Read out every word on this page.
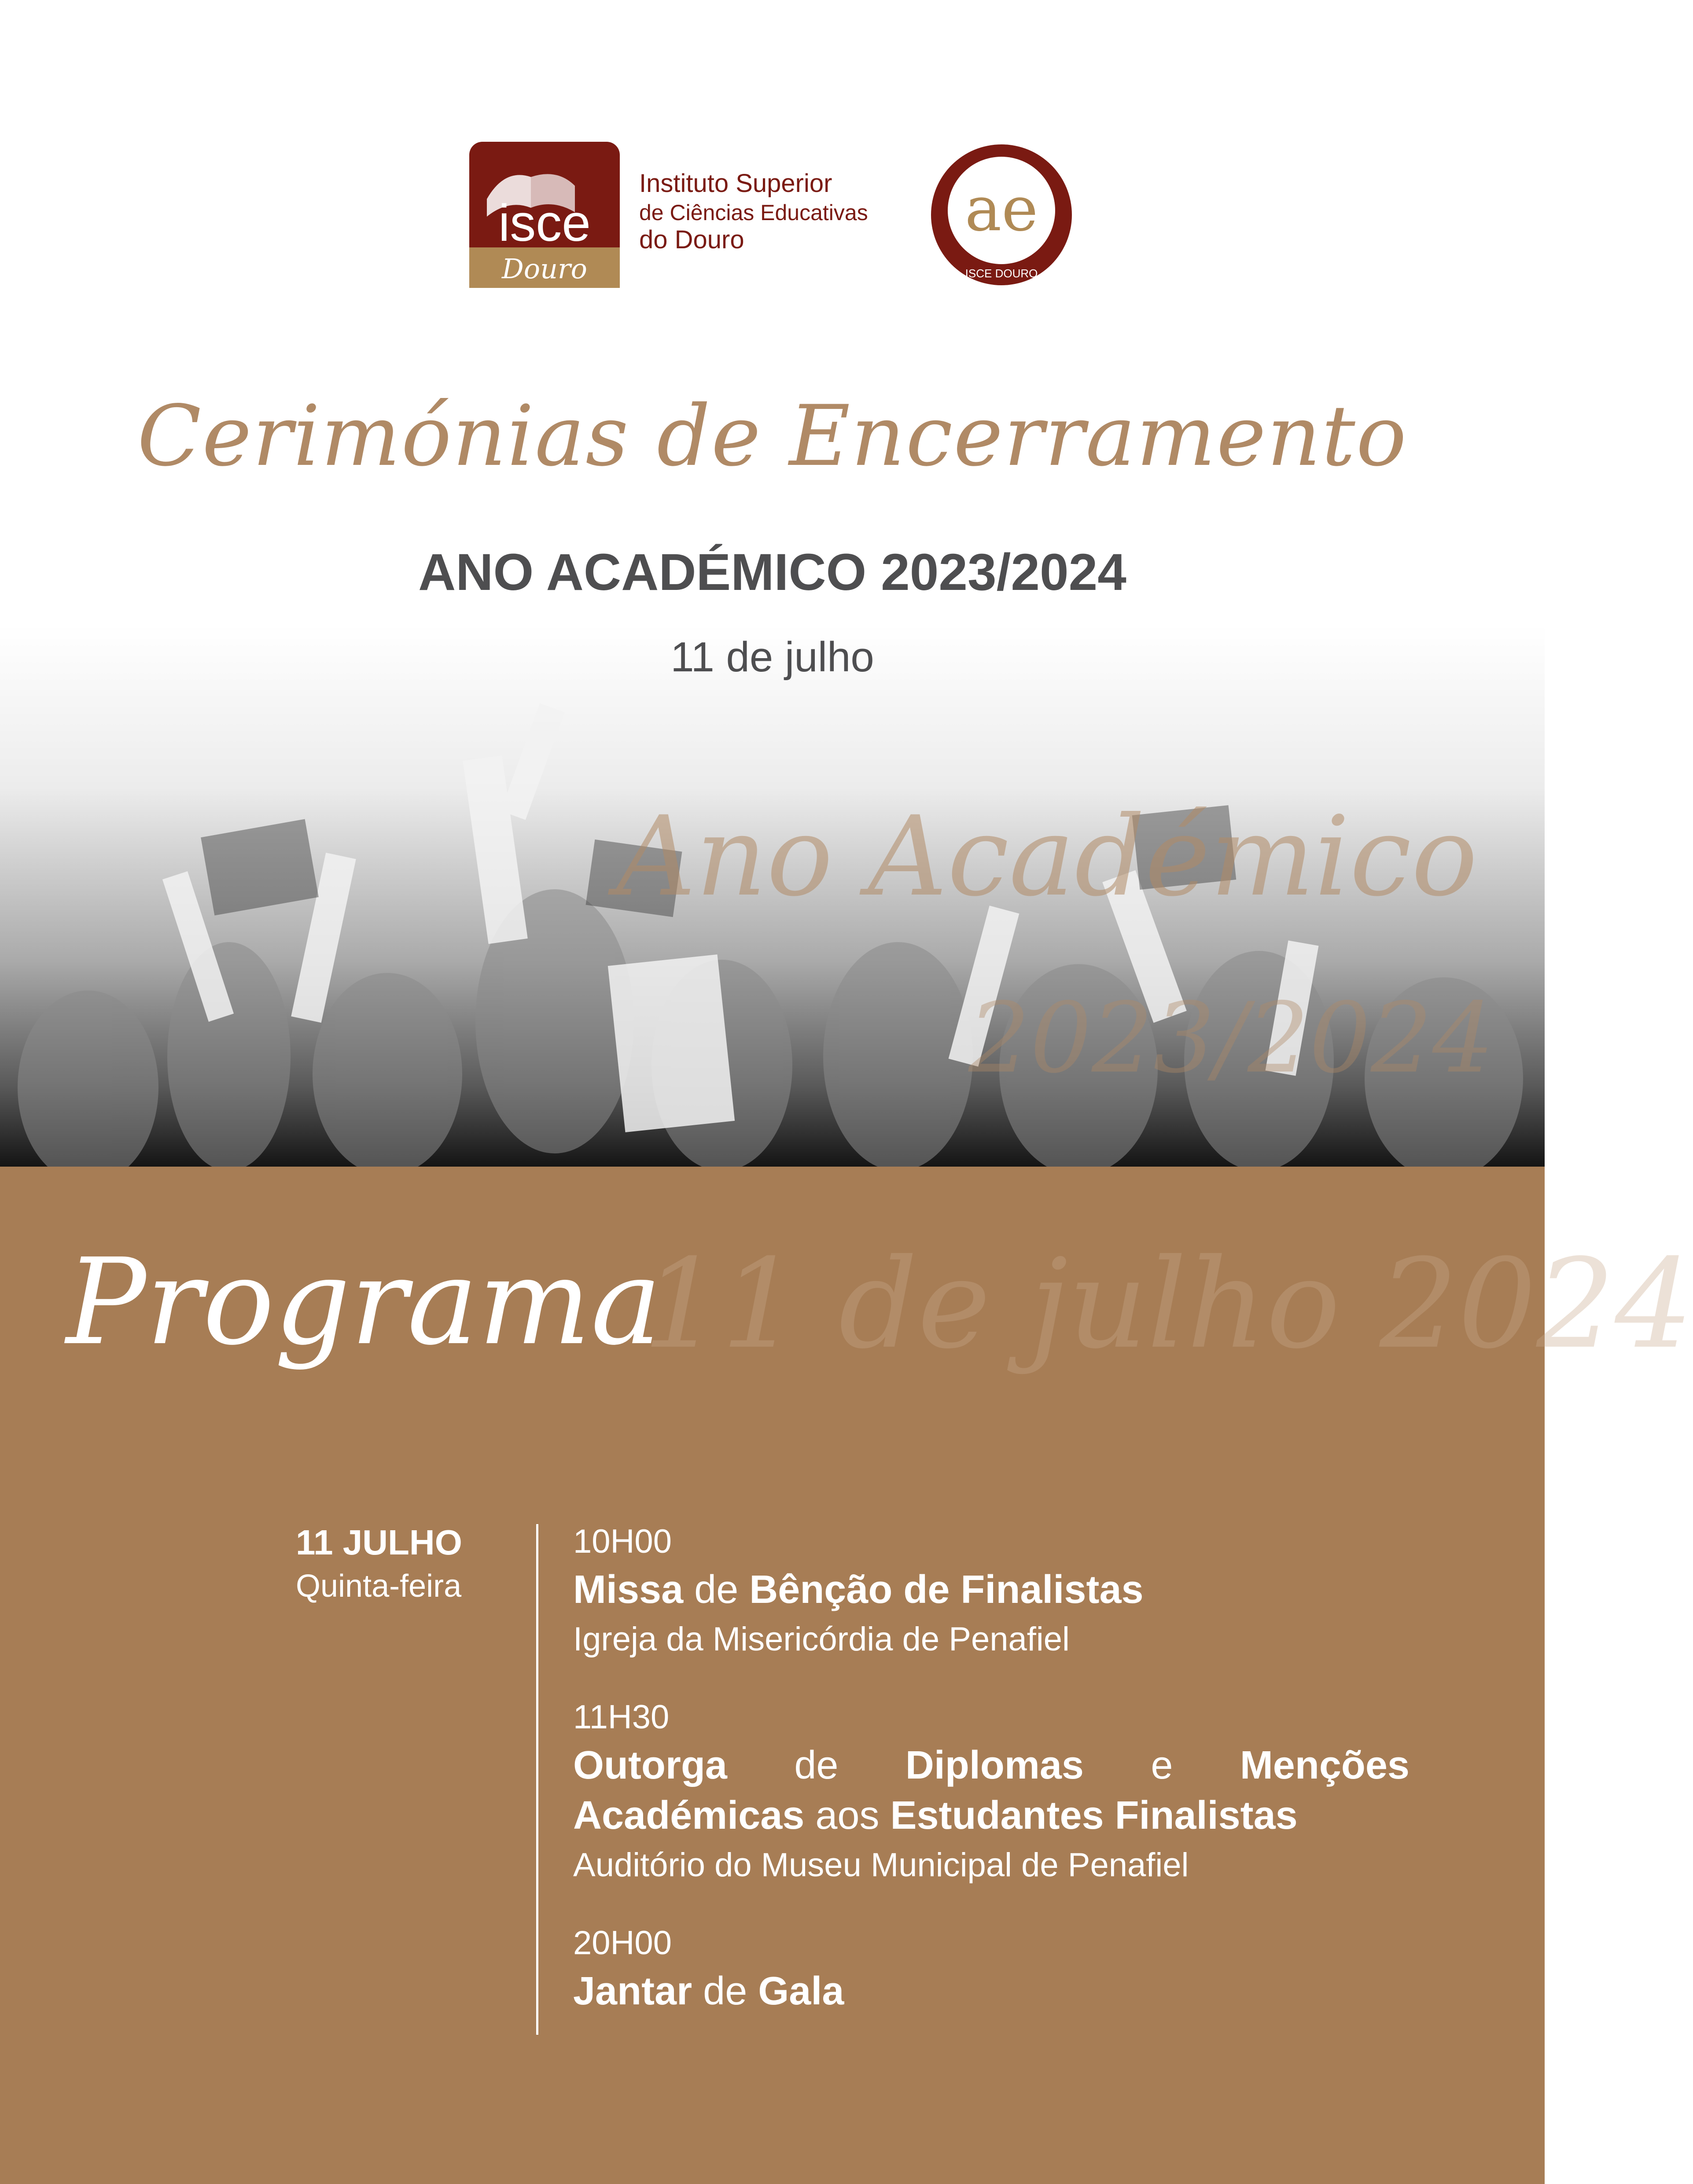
isce
Douro
Instituto Superior
de Ciências Educativas
do Douro	ae
ISCE DOURO
Cerimónias de Encerramento
ANO ACADÉMICO 2023/2024
11 de julho
Ano Académico
2023/2024
11 de julho 2024
Programa
11 JULHO
Quinta-feira
10H00
Missa de Bênção de Finalistas
Igreja da Misericórdia de Penafiel
11H30
Outorga de Diplomas e Menções
Académicas aos Estudantes Finalistas
Auditório do Museu Municipal de Penafiel
20H00
Jantar de Gala
